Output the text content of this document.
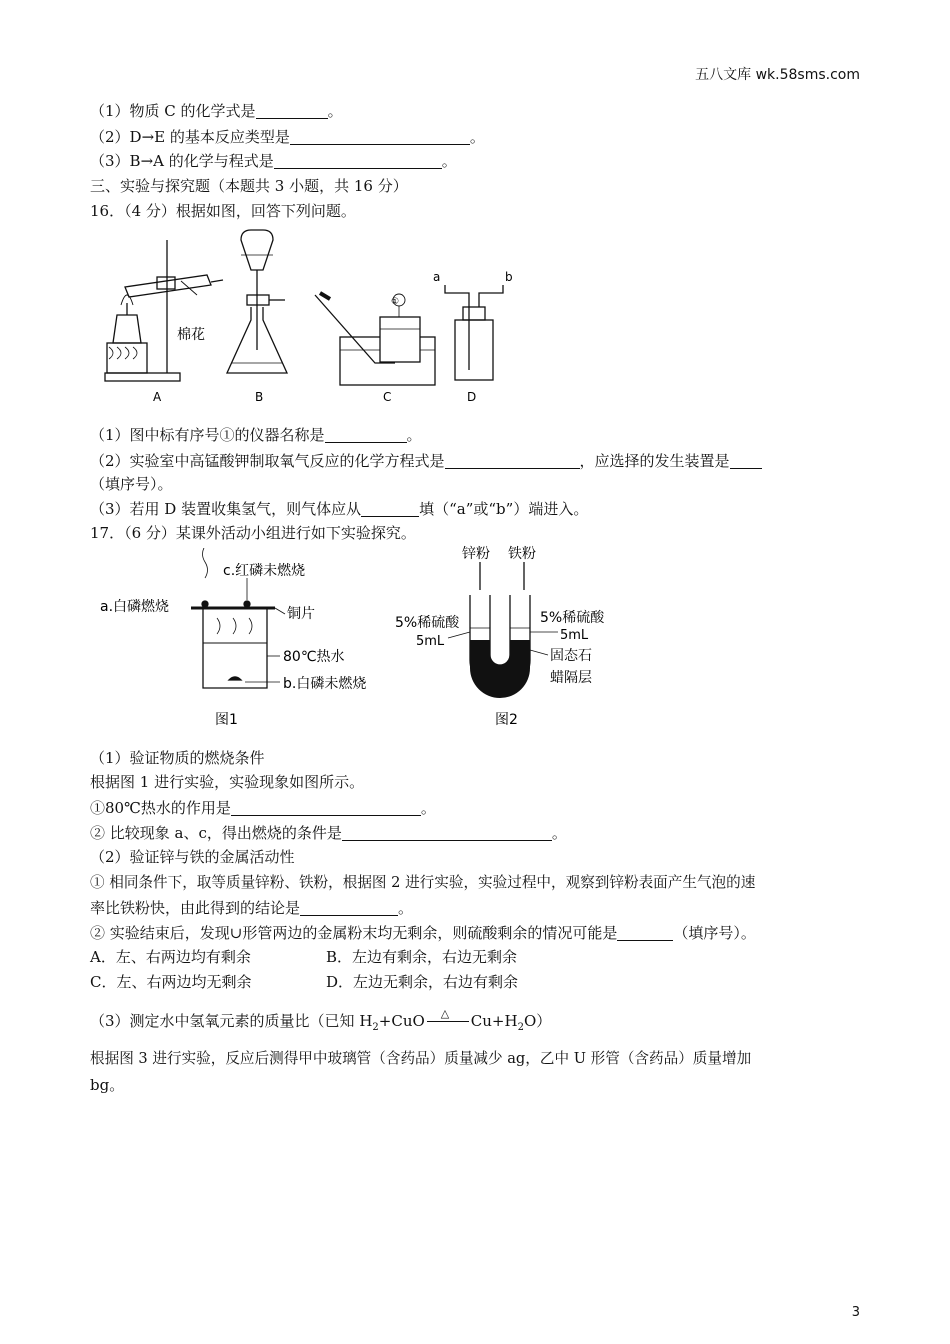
五八文库 wk.58sms.com
（1）物质 C 的化学式是	。
（2）D→E 的基本反应类型是	。
（3）B→A 的化学与程式是	。
三、实验与探究题（本题共 3 小题，共 16 分）
16．（4 分）根据如图，回答下列问题。
棉花
A	B
①
C
a	b
D
（1）图中标有序号①的仪器名称是	。
（2）实验室中高锰酸钾制取氧气反应的化学方程式是	，应选择的发生装置是
（填序号）。
（3）若用 D 装置收集氢气，则气体应从	填（“a”或“b”）端进入。
17．（6 分）某课外活动小组进行如下实验探究。
c.红磷未燃烧
a.白磷燃烧	铜片
80℃热水
b.白磷未燃烧
图1
锌粉 铁粉
5%稀硫酸
5mL
5%稀硫酸
5mL
固态石
蜡隔层
图2
（1）验证物质的燃烧条件
根据图 1 进行实验，实验现象如图所示。
①80℃热水的作用是	。
② 比较现象 a、c，得出燃烧的条件是	。
（2）验证锌与铁的金属活动性
① 相同条件下，取等质量锌粉、铁粉，根据图 2 进行实验，实验过程中，观察到锌粉表面产生气泡的速
率比铁粉快，由此得到的结论是	。
② 实验结束后，发现∪形管两边的金属粉末均无剩余，则硫酸剩余的情况可能是	（填序号）。
A．左、右两边均有剩余	B．左边有剩余，右边无剩余
C．左、右两边均无剩余	D．左边无剩余，右边有剩余
（3）测定水中氢氧元素的质量比（已知 $H_2+CuO$ △ $Cu+H_2O$）
根据图 3 进行实验，反应后测得甲中玻璃管（含药品）质量减少 ag，乙中 U 形管（含药品）质量增加
bg。
3
